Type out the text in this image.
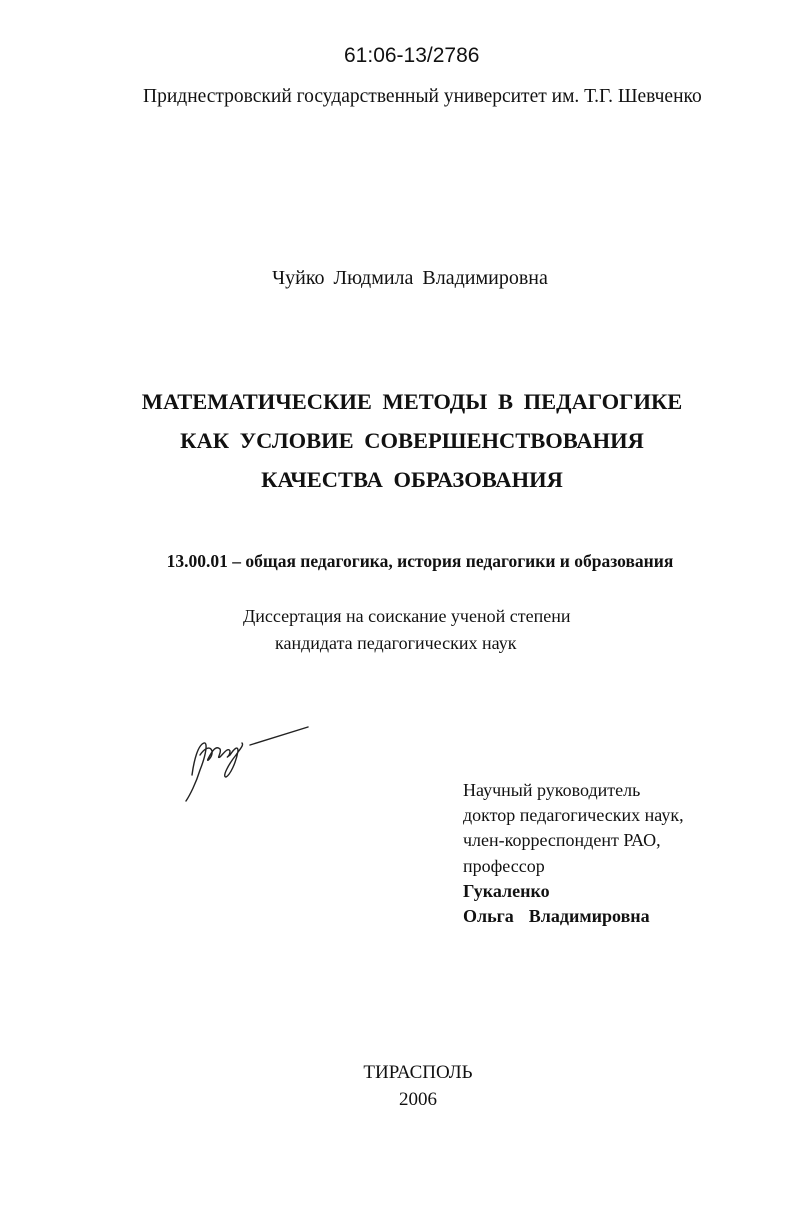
61:06-13/2786
Приднестровский государственный университет им. Т.Г. Шевченко
Чуйко Людмила Владимировна
МАТЕМАТИЧЕСКИЕ МЕТОДЫ В ПЕДАГОГИКЕ
КАК УСЛОВИЕ СОВЕРШЕНСТВОВАНИЯ
КАЧЕСТВА ОБРАЗОВАНИЯ
13.00.01 – общая педагогика, история педагогики и образования
Диссертация на соискание ученой степени
кандидата педагогических наук
Научный руководитель
доктор педагогических наук,
член-корреспондент РАО,
профессор
Гукаленко
Ольга  Владимировна
ТИРАСПОЛЬ
2006
